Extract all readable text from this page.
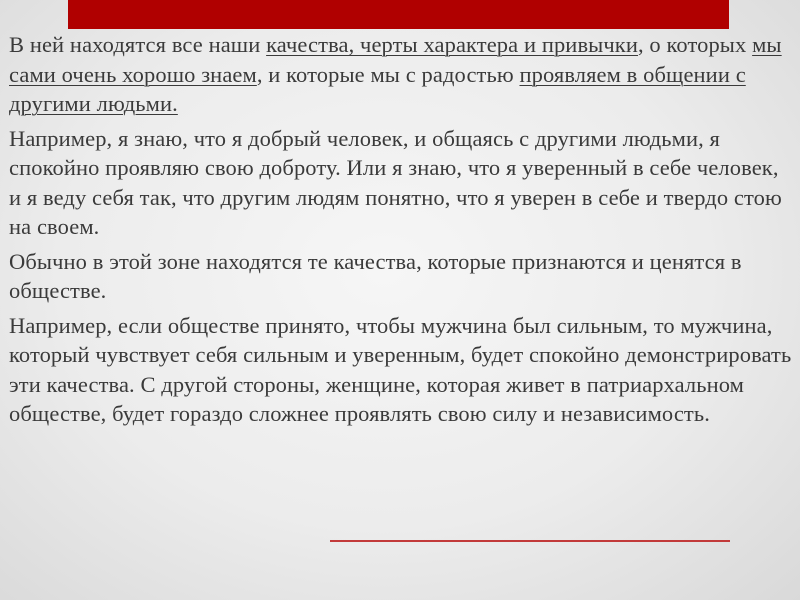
В ней находятся все наши качества, черты характера и привычки, о которых мы сами очень хорошо знаем, и которые мы с радостью проявляем в общении с другими людьми.

Например, я знаю, что я добрый человек, и общаясь с другими людьми, я спокойно проявляю свою доброту. Или я знаю, что я уверенный в себе человек, и я веду себя так, что другим людям понятно, что я уверен в себе и твердо стою на своем.

Обычно в этой зоне находятся те качества, которые признаются и ценятся в обществе.

Например, если обществе принято, чтобы мужчина был сильным, то мужчина, который чувствует себя сильным и уверенным, будет спокойно демонстрировать эти качества. С другой стороны, женщине, которая живет в патриархальном обществе, будет гораздо сложнее проявлять свою силу и независимость.
